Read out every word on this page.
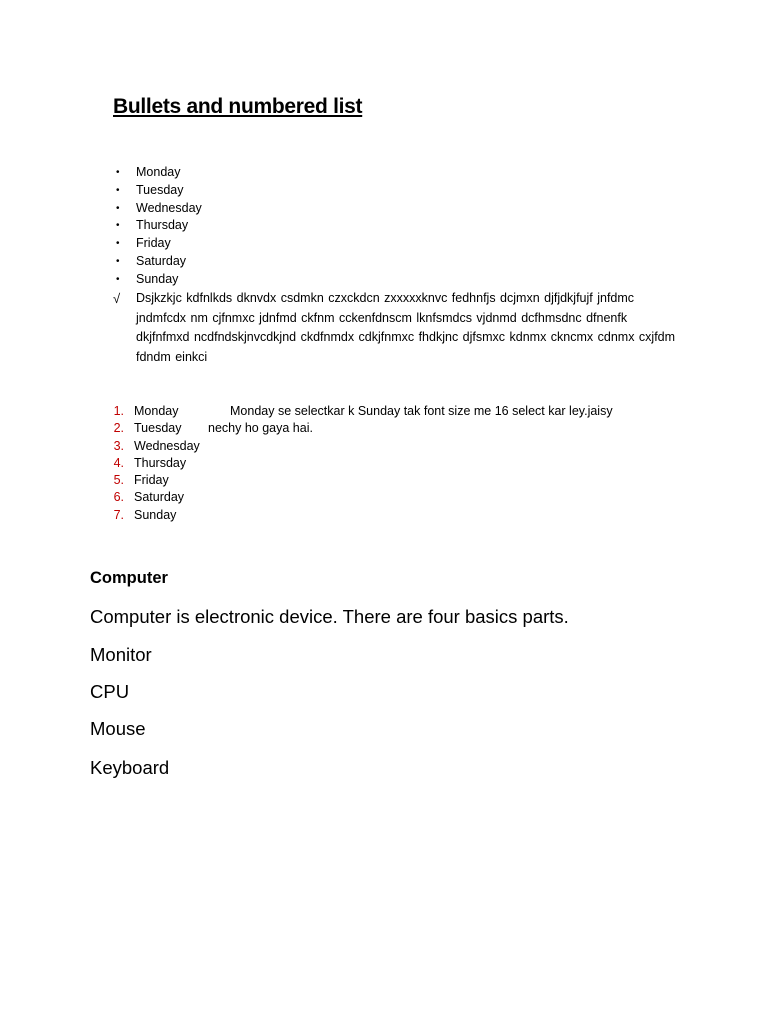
Bullets and numbered list
• Monday
• Tuesday
• Wednesday
• Thursday
• Friday
• Saturday
• Sunday
√ Dsjkzkjc kdfnlkds dknvdx csdmkn czxckdcn zxxxxxknvc fedhnfjs dcjmxn djfjdkjfujf jnfdmc
jndmfcdx nm cjfnmxc jdnfmd ckfnm cckenfdnscm lknfsmdcs vjdnmd dcfhmsdnc dfnenfk
dkjfnfmxd ncdfndskjnvcdkjnd ckdfnmdx cdkjfnmxc fhdkjnc djfsmxc kdnmx ckncmx cdnmx cxjfdm
fdndm einkci
1. Monday	Monday se selectkar k Sunday tak font size me 16 select kar ley.jaisy
2. Tuesday nechy ho gaya hai.
3. Wednesday
4. Thursday
5. Friday
6. Saturday
7. Sunday
Computer
Computer is electronic device. There are four basics parts.
Monitor
CPU
Mouse
Keyboard
